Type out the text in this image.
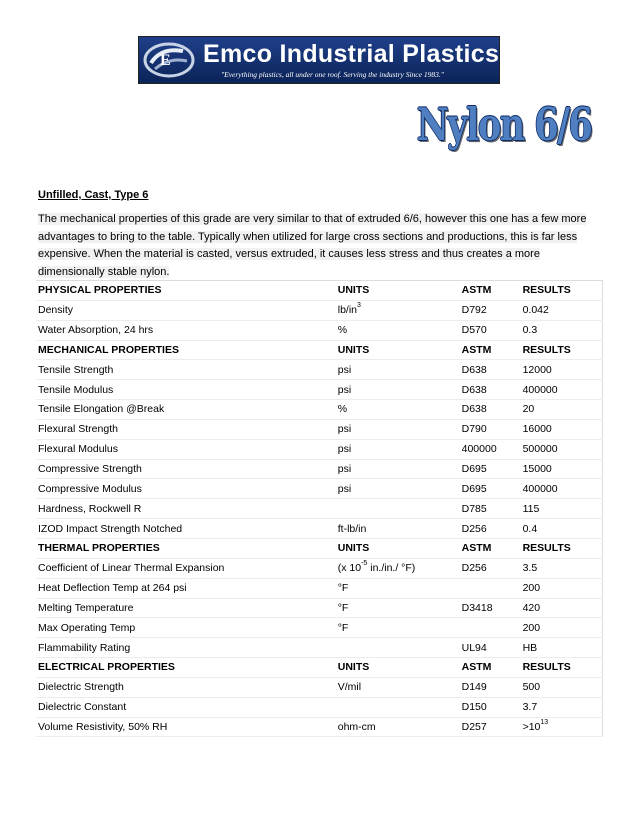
E Emco Industrial Plastics, Inc.
"Everything plastics, all under one roof. Serving the industry Since 1983."
Nylon 6/6
Unfilled, Cast, Type 6
The mechanical properties of this grade are very similar to that of extruded 6/6, however this one has a few more
advantages to bring to the table. Typically when utilized for large cross sections and productions, this is far less
expensive. When the material is casted, versus extruded, it causes less stress and thus creates a more
dimensionally stable nylon.
PHYSICAL PROPERTIES	UNITS	ASTM	RESULTS
Density	$lb/in^3$	D792	0.042
Water Absorption, 24 hrs	%	D570	0.3
MECHANICAL PROPERTIES	UNITS	ASTM	RESULTS
Tensile Strength	psi	D638	12000
Tensile Modulus	psi	D638	400000
Tensile Elongation @Break	%	D638	20
Flexural Strength	psi	D790	16000
Flexural Modulus	psi	400000	500000
Compressive Strength	psi	D695	15000
Compressive Modulus	psi	D695	400000
Hardness, Rockwell R		D785	115
IZOD Impact Strength Notched	ft-lb/in	D256	0.4
THERMAL PROPERTIES	UNITS	ASTM	RESULTS
Coefficient of Linear Thermal Expansion	(x $10^{-5}$ in./in./ °F)	D256	3.5
Heat Deflection Temp at 264 psi	°F		200
Melting Temperature	°F	D3418	420
Max Operating Temp	°F		200
Flammability Rating		UL94	HB
ELECTRICAL PROPERTIES	UNITS	ASTM	RESULTS
Dielectric Strength	V/mil	D149	500
Dielectric Constant		D150	3.7
Volume Resistivity, 50% RH	ohm-cm	D257	$>10^{13}$
